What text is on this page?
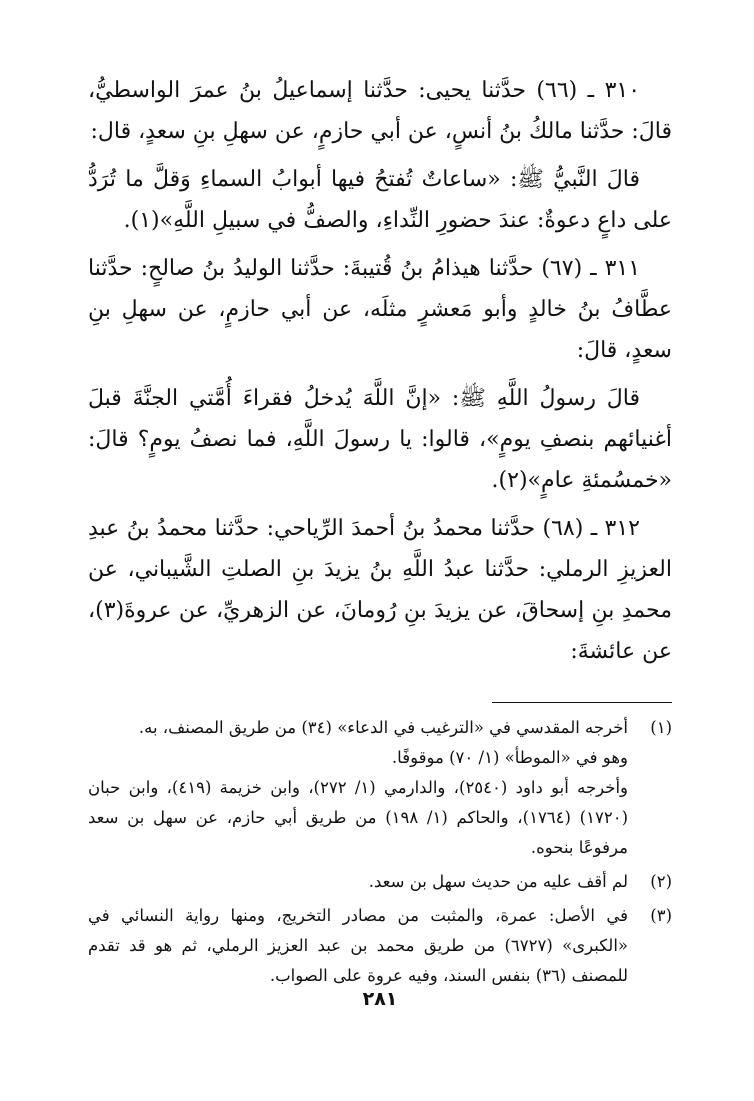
٣١٠ ـ (٦٦) حدَّثنا يحيى: حدَّثنا إسماعيلُ بنُ عمرَ الواسطيُّ، قالَ: حدَّثنا مالكُ بنُ أنسٍ، عن أبي حازمٍ، عن سهلِ بنِ سعدٍ، قال:

قالَ النَّبيُّ ﷺ: «ساعاتٌ تُفتحُ فيها أبوابُ السماءِ وَقلَّ ما تُرَدُّ على داعٍ دعوةٌ: عندَ حضورِ النِّداءِ، والصفُّ في سبيلِ اللَّهِ»(١).

٣١١ ـ (٦٧) حدَّثنا هيذامُ بنُ قُتيبةَ: حدَّثنا الوليدُ بنُ صالحٍ: حدَّثنا عطَّافُ بنُ خالدٍ وأبو مَعشرٍ مثلَه، عن أبي حازمٍ، عن سهلِ بنِ سعدٍ، قالَ:

قالَ رسولُ اللَّهِ ﷺ: «إنَّ اللَّهَ يُدخلُ فقراءَ أُمَّتي الجنَّةَ قبلَ أغنيائهم بنصفِ يومٍ»، قالوا: يا رسولَ اللَّهِ، فما نصفُ يومٍ؟ قالَ: «خمسُمئةِ عامٍ»(٢).

٣١٢ ـ (٦٨) حدَّثنا محمدُ بنُ أحمدَ الرِّياحي: حدَّثنا محمدُ بنُ عبدِ العزيزِ الرملي: حدَّثنا عبدُ اللَّهِ بنُ يزيدَ بنِ الصلتِ الشَّيباني، عن محمدِ بنِ إسحاقَ، عن يزيدَ بنِ رُومانَ، عن الزهريِّ، عن عروةَ(٣)، عن عائشةَ:

(١)
أخرجه المقدسي في «الترغيب في الدعاء» (٣٤) من طريق المصنف، به.
وهو في «الموطأ» (١/ ٧٠) موقوفًا.
وأخرجه أبو داود (٢٥٤٠)، والدارمي (١/ ٢٧٢)، وابن خزيمة (٤١٩)، وابن حبان (١٧٢٠) (١٧٦٤)، والحاكم (١/ ١٩٨) من طريق أبي حازم، عن سهل بن سعد مرفوعًا بنحوه.
(٢)
لم أقف عليه من حديث سهل بن سعد.
(٣)
في الأصل: عمرة، والمثبت من مصادر التخريج، ومنها رواية النسائي في «الكبرى» (٦٧٢٧) من طريق محمد بن عبد العزيز الرملي، ثم هو قد تقدم للمصنف (٣٦) بنفس السند، وفيه عروة على الصواب.
٢٨١
